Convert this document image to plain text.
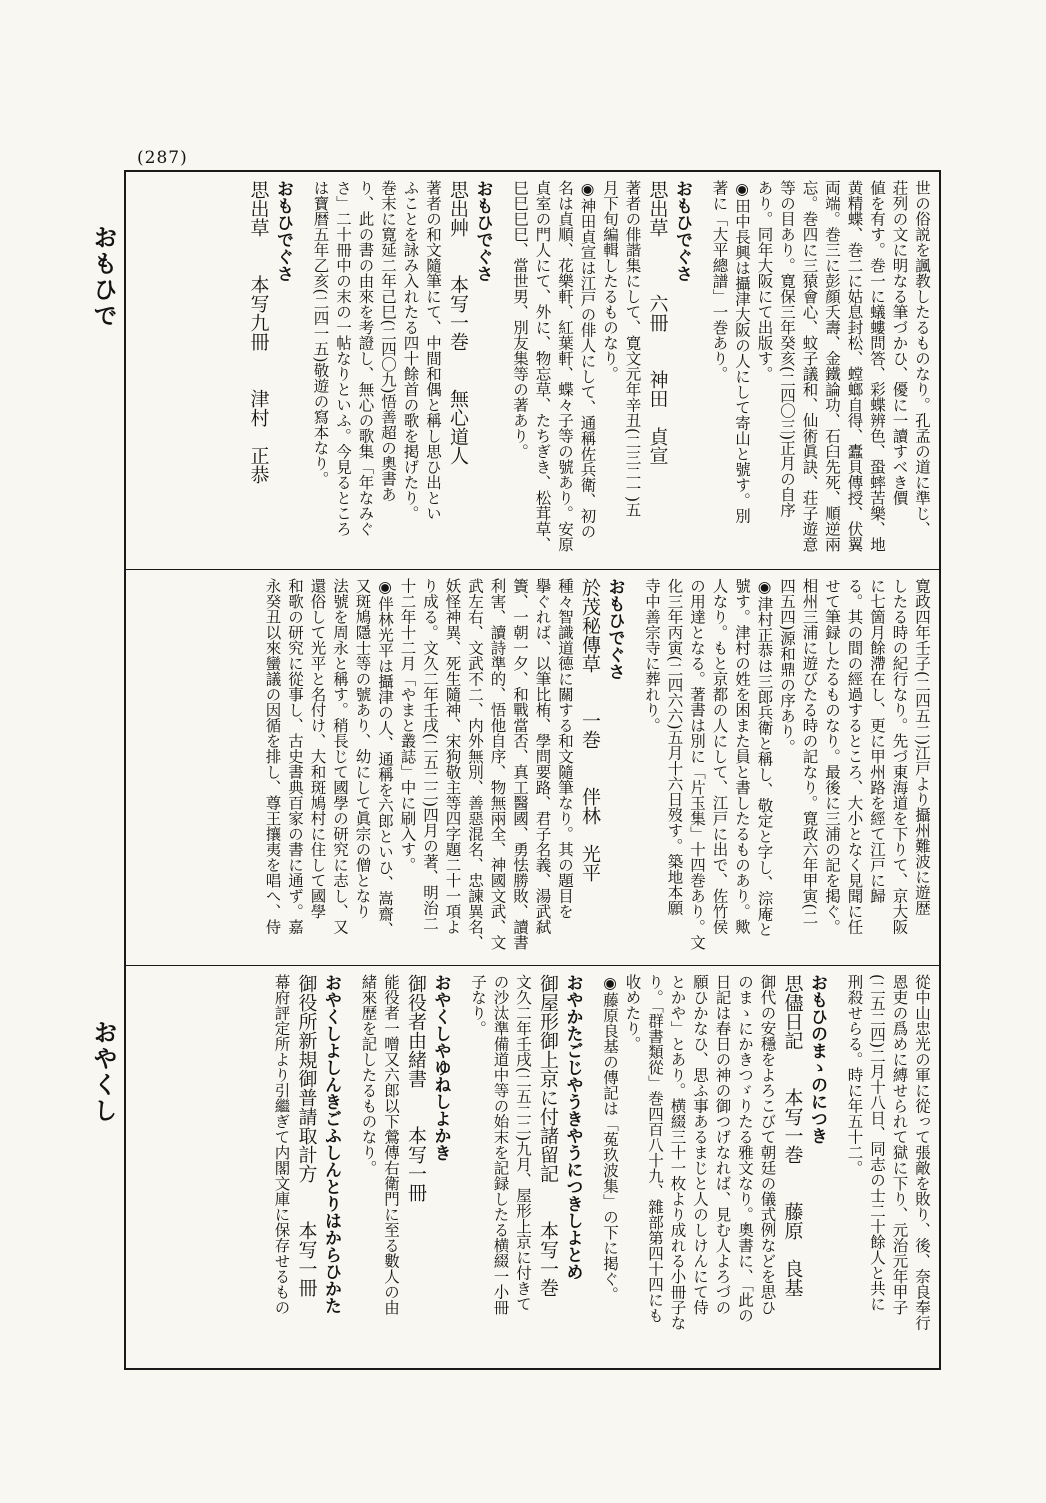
(287)
おもひで
おやくし
世の俗説を諷教したるものなり。孔孟の道に準じ、
荘列の文に明なる筆づかひ、優に一讀すべき價
値を有す。巻一に蟻螻問答、彩蝶辨色、蛩蟀苦樂、地
黄精蝶、巻二に姑息封松、螳螂自得、蠹貝傳授、伏翼
両端。巻三に彭顔夭壽、金鐵論功、石臼先死、順逆兩
忘。巻四に三猿會心、蚊子議和、仙術眞訣、荘子遊意
等の目あり。寛保三年癸亥(二四〇三)正月の自序
あり。同年大阪にて出版す。
◉田中長興は攝津大阪の人にして寄山と號す。別
著に「大平總譜」一巻あり。
おもひでぐさ
思出草　　　六冊　　神田　貞宣
著者の俳諧集にして、寛文元年辛丑(二三二一)五
月下旬編輯したるものなり。
◉神田貞宣は江戸の俳人にして、通稱佐兵衛、初の
名は貞順、花樂軒、紅葉軒、蝶々子等の號あり。安原
貞室の門人にて、外に、物忘草、たちぎき、松茸草、
巳巳巳巳、當世男、別友集等の著あり。
おもひでぐさ
思出艸　　本写一巻　　無心道人
著者の和文隨筆にて、中間和偶と稱し思ひ出とい
ふことを詠み入れたる四十餘首の歌を掲げたり。
巻末に寛延二年己巳(二四〇九)悟善超の奧書あ
り、此の書の由來を考證し、無心の歌集「年なみぐ
さ」二十冊中の末の一帖なりといふ。今見るところ
は寶暦五年乙亥(二四一五)敬遊の寫本なり。
おもひでぐさ
思出草　　本写九冊　　津村　正恭
寛政四年壬子(二四五二)江戸より攝州難波に遊歴
したる時の紀行なり。先づ東海道を下りて、京大阪
に七箇月餘滯在し、更に甲州路を經て江戸に歸
る。其の間の經過するところ、大小となく見聞に任
せて筆録したるものなり。最後に三浦の記を掲ぐ。
相州三浦に遊びたる時の記なり。寛政六年甲寅(二
四五四)源和鼎の序あり。
◉津村正恭は三郎兵衛と稱し、敬定と字し、淙庵と
號す。津村の姓を困また員と書したるものあり。歟
人なり。もと京都の人にして、江戸に出で、佐竹侯
の用達となる。著書は別に「片玉集」十四巻あり。文
化三年丙寅(二四六六)五月十六日歿す。築地本願
寺中善宗寺に葬れり。
おもひでぐさ
於茂秘傳草　　一巻　　伴林　光平
種々智識道德に關する和文隨筆なり。其の題目を
擧ぐれば、以筆比栯、學問要路、君子名義、湯武弑
簀、一朝一夕、和戰當否、真工醫國、勇怯勝敗、讀書
利害、讀詩準的、悟他自序、物無兩全、神國文武、文
武左右、文武不二、内外無別、善惡混名、忠諫異名、
妖怪神異、死生隨神、宋狗敬主等四字題二十一項よ
り成る。文久二年壬戌(二五二二)四月の著、明治二
十二年十二月「やまと叢誌」中に刷入す。
◉伴林光平は攝津の人、通稱を六郎といひ、嵩齋、
又斑鳩隱士等の號あり、幼にして眞宗の僧となり
法號を周永と稱す。稍長じて國學の研究に志し、又
還俗して光平と名付け、大和斑鳩村に住して國學
和歌の研究に從事し、古史書典百家の書に通ず。嘉
永癸丑以來蠻議の因循を排し、尊王攘夷を唱へ、侍
從中山忠光の軍に從って張敵を敗り、後、奈良奉行
恩吏の爲めに縛せられて獄に下り、元治元年甲子
(二五二四)二月十八日、同志の士二十餘人と共に
刑殺せらる。時に年五十二。
おもひのまゝのにつき
思儘日記　　本写一巻　　藤原　良基
御代の安穩をよろこびて朝廷の儀式例などを思ひ
のまゝにかきつゞりたる雅文なり。奧書に、「此の
日記は春日の神の御つげなれば、見む人よろづの
願ひかなひ、思ふ事あるまじと人のしけんにて侍
とかや」とあり。横綴三十一枚より成れる小冊子な
り。「群書類從」巻四百八十九、雜部第四十四にも
收めたり。
◉藤原良基の傳記は「菟玖波集」の下に掲ぐ。
おやかたごじやうきやうにつきしよとめ
御屋形御上京に付諸留記　　本写一巻
文久二年壬戌(二五二二)九月、屋形上京に付きて
の沙汰準備道中等の始末を記録したる横綴一小冊
子なり。
おやくしやゆねしよかき
御役者由緒書　　本写一冊
能役者一噌又六郎以下鶯傳右衛門に至る數人の由
緒來歷を記したるものなり。
おやくしよしんきごふしんとりはからひかた
御役所新規御普請取計方　　本写一冊
幕府評定所より引繼ぎて内閣文庫に保存せるもの
